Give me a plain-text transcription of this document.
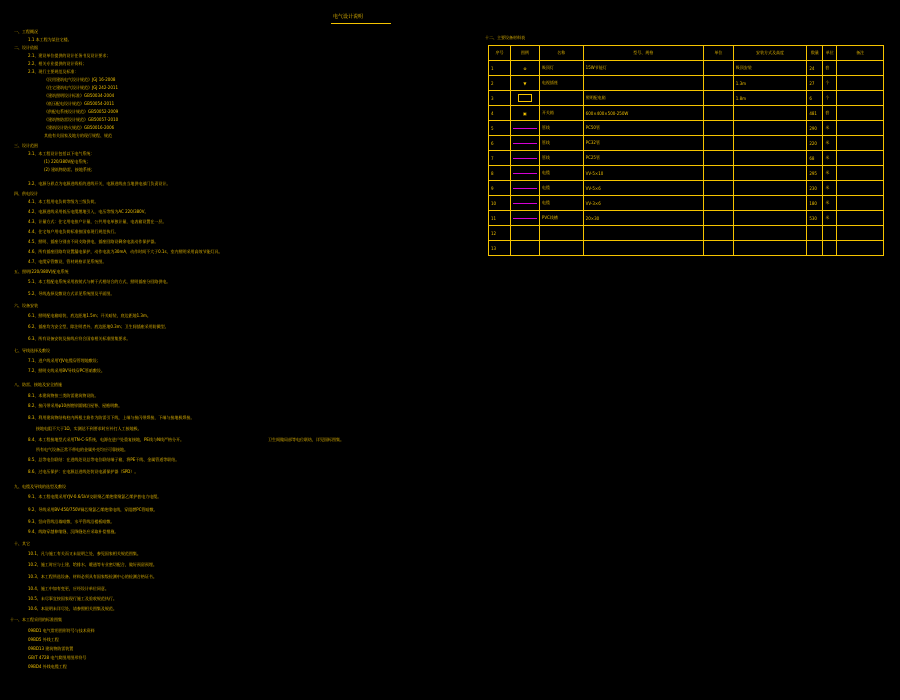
电气设计说明
一、工程概况
1.1 本工程为某住宅楼。
二、设计依据
2.1、建设单位提供的设计任务书及设计要求；
2.2、相关专业提供的设计资料；
2.3、现行主要规范及标准：
《民用建筑电气设计规范》JGJ 16-2008
《住宅建筑电气设计规范》JGJ 242-2011
《建筑照明设计标准》GB50034-2004
《低压配电设计规范》GB50054-2011
《供配电系统设计规范》GB50052-2009
《建筑物防雷设计规范》GB50057-2010
《建筑设计防火规范》GB50016-2006
其他有关国家及地方的现行规程、规范
三、设计范围
3.1、本工程设计包括以下电气系统：
(1) 220/380V配电系统；
(2) 建筑物防雷、接地系统；
3.2、电源分界点为电源进线柜的进线开关，电源进线由当地供电部门负责设计。
四、供电设计
4.1、本工程用电负荷等级为三级负荷。
4.2、电源进线采用低压电缆埋地引入，电压等级为AC 220/380V。
4.3、计量方式：住宅用电按户计量，公共用电单独计量，电表箱设置在一层。
4.4、住宅每户用电负荷标准按国家现行规范执行。
4.5、照明、插座分别由不同支路供电，插座回路设剩余电流动作保护器。
4.6、所有插座回路均设置漏电保护，动作电流为30mA，动作时间不大于0.1s，室内照明采用高效节能灯具。
4.7、电缆穿管敷设，管材规格详见系统图。
五、照明(220/380V)配电系统
5.1、本工程配电系统采用放射式与树干式相结合的方式，照明插座分回路供电。
5.2、导线选择及敷设方式详见系统图及平面图。
六、设备安装
6.1、照明配电箱暗装，底边距地1.5m；开关暗装，底边距地1.3m。
6.2、插座均为安全型，除注明者外，底边距地0.3m；卫生间插座采用防溅型。
6.3、所有设备安装及接线应符合国家相关标准图集要求。
七、导线选择及敷设
7.1、进户线采用YJV电缆穿管埋地敷设；
7.2、照明支线采用BV导线穿PC管暗敷设。
八、防雷、接地及安全措施
8.1、本建筑物按三类防雷建筑物设防。
8.2、接闪带采用φ10热镀锌圆钢沿屋脊、屋檐明敷。
8.3、利用建筑物结构柱内两根主筋作为防雷引下线，上端与接闪带焊接，下端与接地极焊接。
接地电阻不大于1Ω，实测达不到要求时应补打人工接地极。
8.4、本工程接地型式采用TN-C-S系统，电源在进户处重复接地，PE线与N线严格分开。
所有电气设备正常不带电的金属外壳均应可靠接地。
卫生间做局部等电位联结，详见国标图集。
8.5、总等电位联结：在进线处设总等电位联结端子箱，将PE干线、金属管道等联结。
8.6、过电压保护：在电源总进线处装设电涌保护器（SPD）。
九、电缆及导线的选型及敷设
9.1、本工程电缆采用YJV-0.6/1kV交联聚乙烯绝缘聚氯乙烯护套电力电缆。
9.2、导线采用BV-450/750V铜芯聚氯乙烯绝缘电线，穿阻燃PC管暗敷。
9.3、竖向管线沿墙暗敷，水平管线沿楼板暗敷。
9.4、线路穿越伸缩缝、沉降缝处应采取补偿措施。
十、其它
10.1、凡与施工有关而又未说明之处，参见国家相关规范图集。
10.2、施工时应与土建、给排水、暖通等专业密切配合，做好预留预埋。
10.3、本工程所选设备、材料必须具有国家级检测中心的检测合格证书。
10.4、施工中如有变更，应经设计单位同意。
10.5、未尽事宜按国家现行施工及验收规范执行。
10.6、本说明未详尽处，请参照相关图集及规范。
十一、本工程采用的标准图集
09BD1 电气常用图形符号与技术资料
09BD5 外线工程
09BD13 建筑物防雷装置
GB/T 4728 电气简图用图形符号
09BD4 外线电缆工程
十二、主要设备材料表
序号	图例	名称	型号、规格	单位	安装方式及高度	数量	单位	备注
1	⊗	吸顶灯	15W节能灯		吸顶安装	24	套	
2	▼	电视插座			1.3m	27	个	
3			照明配电箱		1.8m	6	个	
4	▣	开关箱	600×400×500-250W			481	套	
5		管线	PC50管			290	米	
6		管线	PC32管			220	米	
7		管线	PC25管			68	米	
8		电缆	VV-5×10			295	米	
9		电缆	VV-5×6			230	米	
10		电缆	VV-3×6			180	米	
11		PVC线槽	20×30			530	米	
12								
13								
